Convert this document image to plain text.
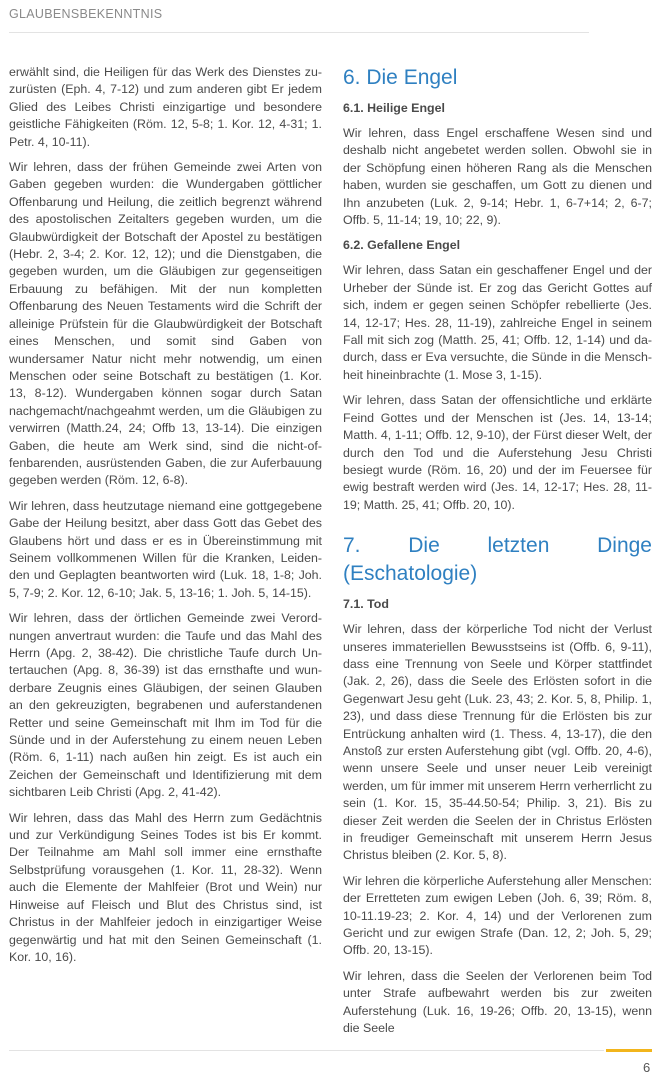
GLAUBENSBEKENNTNIS

erwählt sind, die Heiligen für das Werk des Dienstes zuzurüsten (Eph. 4, 7-12) und zum anderen gibt Er jedem Glied des Leibes Christi einzigartige und besondere geistliche Fähigkeiten (Röm. 12, 5-8; 1. Kor. 12, 4-31; 1. Petr. 4, 10-11).

Wir lehren, dass der frühen Gemeinde zwei Arten von Gaben gegeben wurden: die Wundergaben göttlicher Offenbarung und Heilung, die zeitlich begrenzt während des apostolischen Zeitalters gegeben wurden, um die Glaubwürdigkeit der Botschaft der Apostel zu bestätigen (Hebr. 2, 3-4; 2. Kor. 12, 12); und die Dienstgaben, die gegeben wurden, um die Gläubigen zur gegenseitigen Erbauung zu befähigen. Mit der nun kompletten Offenbarung des Neuen Testaments wird die Schrift der alleinige Prüfstein für die Glaubwürdigkeit der Botschaft eines Menschen, und somit sind Gaben von wundersamer Natur nicht mehr notwendig, um einen Menschen oder seine Botschaft zu bestätigen (1. Kor. 13, 8-12). Wundergaben können sogar durch Satan nachgemacht/nachgeahmt werden, um die Gläubigen zu verwirren (Matth.24, 24; Offb 13, 13-14). Die einzigen Gaben, die heute am Werk sind, sind die nicht-offenbarenden, ausrüstenden Gaben, die zur Auferbauung gegeben werden (Röm. 12, 6-8).

Wir lehren, dass heutzutage niemand eine gottgegebene Gabe der Heilung besitzt, aber dass Gott das Gebet des Glaubens hört und dass er es in Übereinstimmung mit Seinem vollkommenen Willen für die Kranken, Leidenden und Geplagten beantworten wird (Luk. 18, 1-8; Joh. 5, 7-9; 2. Kor. 12, 6-10; Jak. 5, 13-16; 1. Joh. 5, 14-15).

Wir lehren, dass der örtlichen Gemeinde zwei Verordnungen anvertraut wurden: die Taufe und das Mahl des Herrn (Apg. 2, 38-42). Die christliche Taufe durch Untertauchen (Apg. 8, 36-39) ist das ernsthafte und wunderbare Zeugnis eines Gläubigen, der seinen Glauben an den gekreuzigten, begrabenen und auferstandenen Retter und seine Gemeinschaft mit Ihm im Tod für die Sünde und in der Auferstehung zu einem neuen Leben (Röm. 6, 1-11) nach außen hin zeigt. Es ist auch ein Zeichen der Gemeinschaft und Identifizierung mit dem sichtbaren Leib Christi (Apg. 2, 41-42).

Wir lehren, dass das Mahl des Herrn zum Gedächtnis und zur Verkündigung Seines Todes ist bis Er kommt. Der Teilnahme am Mahl soll immer eine ernsthafte Selbstprüfung vorausgehen (1. Kor. 11, 28-32). Wenn auch die Elemente der Mahlfeier (Brot und Wein) nur Hinweise auf Fleisch und Blut des Christus sind, ist Christus in der Mahlfeier jedoch in einzigartiger Weise gegenwärtig und hat mit den Seinen Gemeinschaft (1. Kor. 10, 16).

6. Die Engel
6.1. Heilige Engel

Wir lehren, dass Engel erschaffene Wesen sind und deshalb nicht angebetet werden sollen. Obwohl sie in der Schöpfung einen höheren Rang als die Menschen haben, wurden sie geschaffen, um Gott zu dienen und Ihn anzubeten (Luk. 2, 9-14; Hebr. 1, 6-7+14; 2, 6-7; Offb. 5, 11-14; 19, 10; 22, 9).

6.2. Gefallene Engel

Wir lehren, dass Satan ein geschaffener Engel und der Urheber der Sünde ist. Er zog das Gericht Gottes auf sich, indem er gegen seinen Schöpfer rebellierte (Jes. 14, 12-17; Hes. 28, 11-19), zahlreiche Engel in seinem Fall mit sich zog (Matth. 25, 41; Offb. 12, 1-14) und dadurch, dass er Eva versuchte, die Sünde in die Menschheit hineinbrachte (1. Mose 3, 1-15).

Wir lehren, dass Satan der offensichtliche und erklärte Feind Gottes und der Menschen ist (Jes. 14, 13-14; Matth. 4, 1-11; Offb. 12, 9-10), der Fürst dieser Welt, der durch den Tod und die Auferstehung Jesu Christi besiegt wurde (Röm. 16, 20) und der im Feuersee für ewig bestraft werden wird (Jes. 14, 12-17; Hes. 28, 11-19; Matth. 25, 41; Offb. 20, 10).

7. Die letzten Dinge (Eschatologie)
7.1. Tod

Wir lehren, dass der körperliche Tod nicht der Verlust unseres immateriellen Bewusstseins ist (Offb. 6, 9-11), dass eine Trennung von Seele und Körper stattfindet (Jak. 2, 26), dass die Seele des Erlösten sofort in die Gegenwart Jesu geht (Luk. 23, 43; 2. Kor. 5, 8, Philip. 1, 23), und dass diese Trennung für die Erlösten bis zur Entrückung anhalten wird (1. Thess. 4, 13-17), die den Anstoß zur ersten Auferstehung gibt (vgl. Offb. 20, 4-6), wenn unsere Seele und unser neuer Leib vereinigt werden, um für immer mit unserem Herrn verherrlicht zu sein (1. Kor. 15, 35-44.50-54; Philip. 3, 21). Bis zu dieser Zeit werden die Seelen der in Christus Erlösten in freudiger Gemeinschaft mit unserem Herrn Jesus Christus bleiben (2. Kor. 5, 8).

Wir lehren die körperliche Auferstehung aller Menschen: der Erretteten zum ewigen Leben (Joh. 6, 39; Röm. 8, 10-11.19-23; 2. Kor. 4, 14) und der Verlorenen zum Gericht und zur ewigen Strafe (Dan. 12, 2; Joh. 5, 29; Offb. 20, 13-15).

Wir lehren, dass die Seelen der Verlorenen beim Tod unter Strafe aufbewahrt werden bis zur zweiten Auferstehung (Luk. 16, 19-26; Offb. 20, 13-15), wenn die Seele

6
